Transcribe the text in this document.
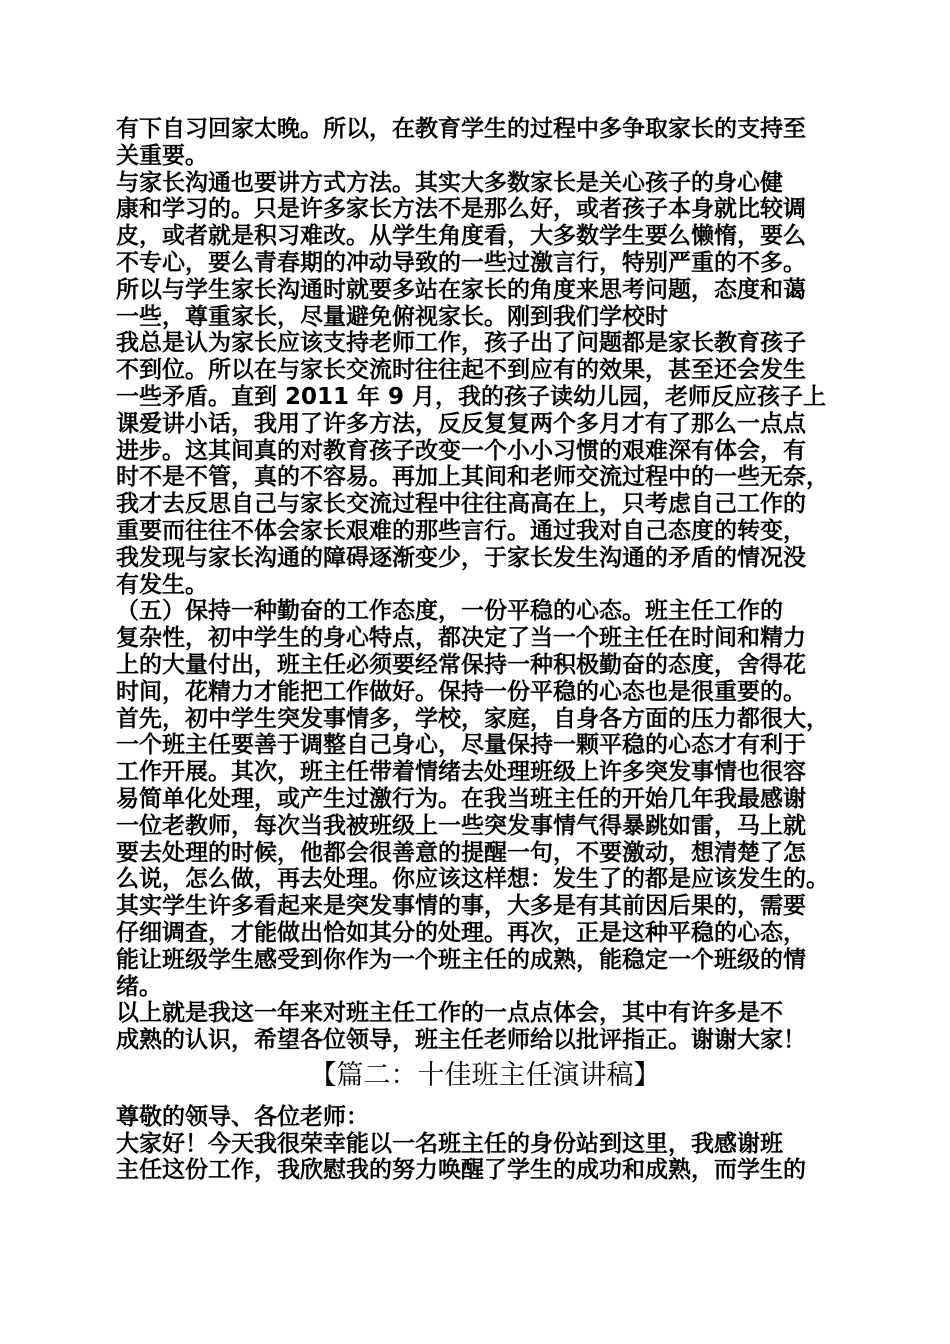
有下自习回家太晚。所以，在教育学生的过程中多争取家长的支持至
关重要。
与家长沟通也要讲方式方法。其实大多数家长是关心孩子的身心健
康和学习的。只是许多家长方法不是那么好，或者孩子本身就比较调
皮，或者就是积习难改。从学生角度看，大多数学生要么懒惰，要么
不专心，要么青春期的冲动导致的一些过激言行，特别严重的不多。
所以与学生家长沟通时就要多站在家长的角度来思考问题，态度和蔼
一些，尊重家长，尽量避免俯视家长。刚到我们学校时
我总是认为家长应该支持老师工作，孩子出了问题都是家长教育孩子
不到位。所以在与家长交流时往往起不到应有的效果，甚至还会发生
一些矛盾。直到 2011 年 9 月，我的孩子读幼儿园，老师反应孩子上
课爱讲小话，我用了许多方法，反反复复两个多月才有了那么一点点
进步。这其间真的对教育孩子改变一个小小习惯的艰难深有体会，有
时不是不管，真的不容易。再加上其间和老师交流过程中的一些无奈，
我才去反思自己与家长交流过程中往往高高在上，只考虑自己工作的
重要而往往不体会家长艰难的那些言行。通过我对自己态度的转变，
我发现与家长沟通的障碍逐渐变少，于家长发生沟通的矛盾的情况没
有发生。
（五）保持一种勤奋的工作态度，一份平稳的心态。班主任工作的
复杂性，初中学生的身心特点，都决定了当一个班主任在时间和精力
上的大量付出，班主任必须要经常保持一种积极勤奋的态度，舍得花
时间，花精力才能把工作做好。保持一份平稳的心态也是很重要的。
首先，初中学生突发事情多，学校，家庭，自身各方面的压力都很大，
一个班主任要善于调整自己身心，尽量保持一颗平稳的心态才有利于
工作开展。其次，班主任带着情绪去处理班级上许多突发事情也很容
易简单化处理，或产生过激行为。在我当班主任的开始几年我最感谢
一位老教师，每次当我被班级上一些突发事情气得暴跳如雷，马上就
要去处理的时候，他都会很善意的提醒一句，不要激动，想清楚了怎
么说，怎么做，再去处理。你应该这样想：发生了的都是应该发生的。
其实学生许多看起来是突发事情的事，大多是有其前因后果的，需要
仔细调查，才能做出恰如其分的处理。再次，正是这种平稳的心态，
能让班级学生感受到你作为一个班主任的成熟，能稳定一个班级的情
绪。
以上就是我这一年来对班主任工作的一点点体会，其中有许多是不
成熟的认识，希望各位领导，班主任老师给以批评指正。谢谢大家！
【篇二：十佳班主任演讲稿】
尊敬的领导、各位老师：
大家好！今天我很荣幸能以一名班主任的身份站到这里，我感谢班
主任这份工作，我欣慰我的努力唤醒了学生的成功和成熟，而学生的
